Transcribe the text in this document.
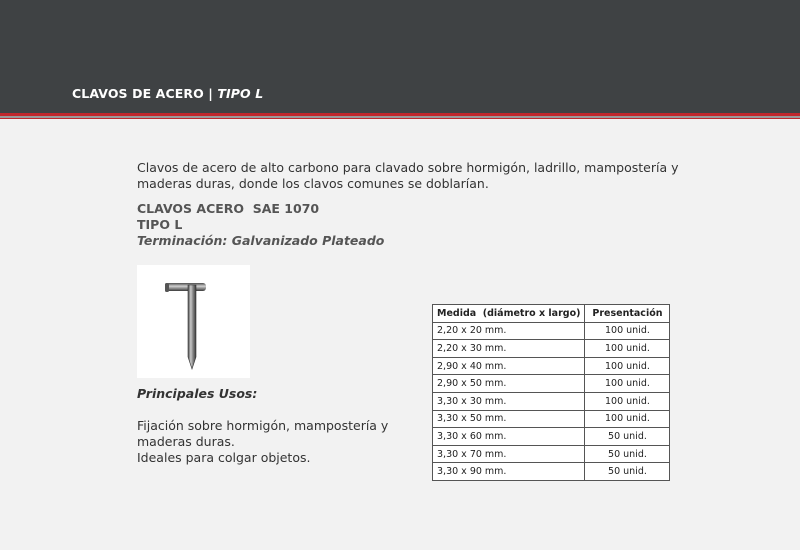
CLAVOS DE ACERO | TIPO L
Clavos de acero de alto carbono para clavado sobre hormigón, ladrillo, mampostería y maderas duras, donde los clavos comunes se doblarían.
CLAVOS ACERO  SAE 1070
TIPO L
Terminación: Galvanizado Plateado
Principales Usos:
Fijación sobre hormigón, mampostería y
maderas duras.
Ideales para colgar objetos.
Medida  (diámetro x largo)	Presentación
2,20 x 20 mm.	100 unid.
2,20 x 30 mm.	100 unid.
2,90 x 40 mm.	100 unid.
2,90 x 50 mm.	100 unid.
3,30 x 30 mm.	100 unid.
3,30 x 50 mm.	100 unid.
3,30 x 60 mm.	50 unid.
3,30 x 70 mm.	50 unid.
3,30 x 90 mm.	50 unid.
